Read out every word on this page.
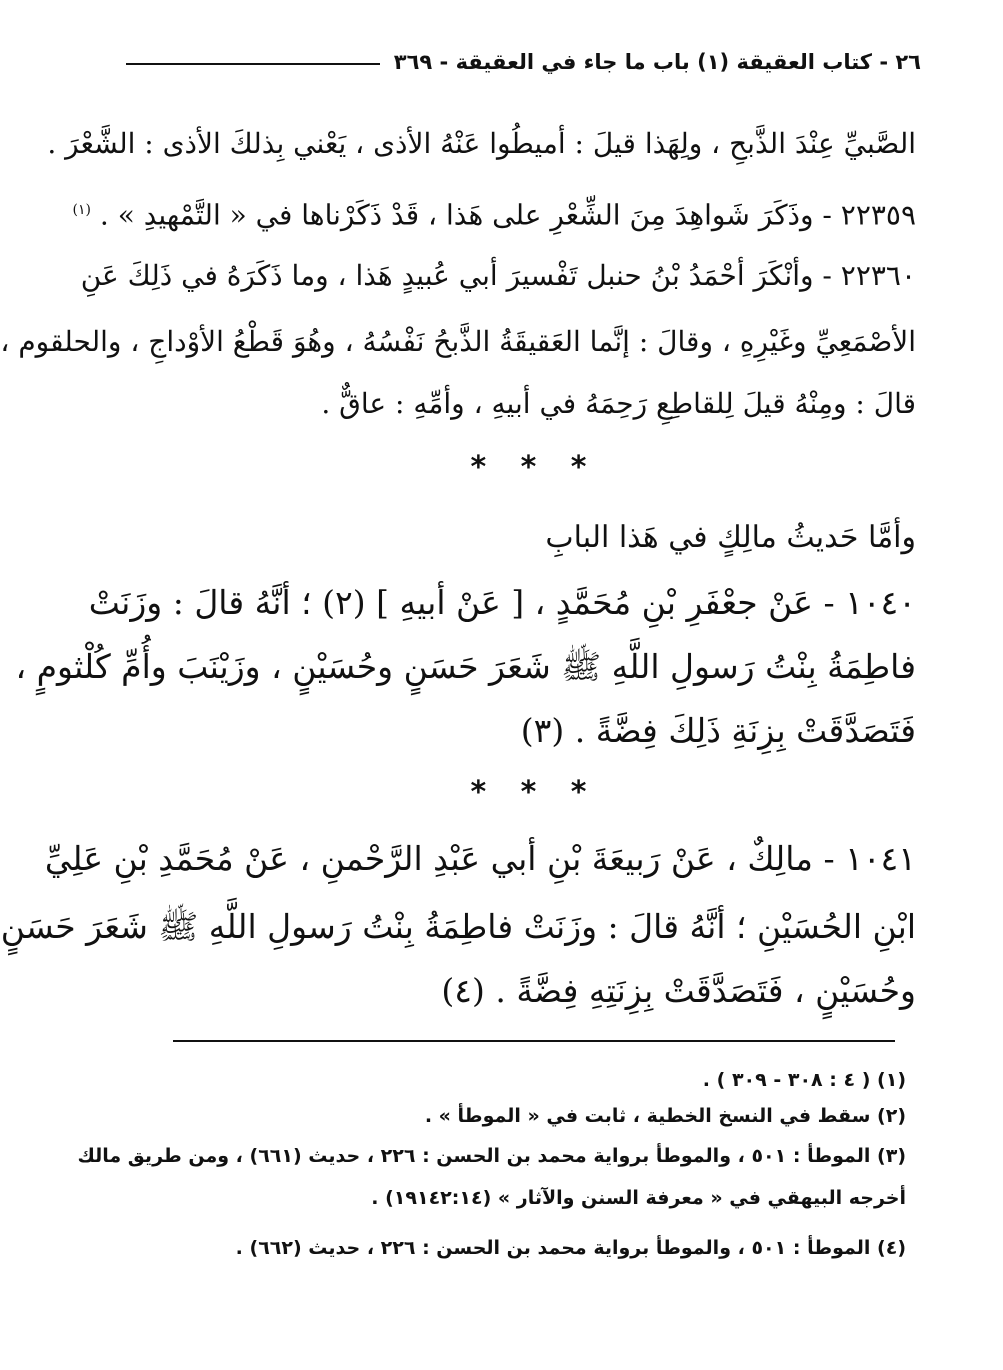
٢٦ - كتاب العقيقة (١) باب ما جاء في العقيقة - ٣٦٩
الصَّبيِّ عِنْدَ الذَّبحِ ، ولِهَذا قيلَ : أميطُوا عَنْهُ الأذى ، يَعْني بِذلكَ الأذى : الشَّعْرَ .
٢٢٣٥٩ - وذَكَرَ شَواهِدَ مِنَ الشِّعْرِ على هَذا ، قَدْ ذَكَرْناها في « التَّمْهيدِ » . $^{(١)}$
٢٢٣٦٠ - وأنْكَرَ أحْمَدُ بْنُ حنبل تَفْسيرَ أبي عُبيدٍ هَذا ، وما ذَكَرَهُ في ذَلِكَ عَنِ
الأصْمَعِيِّ وغَيْرِهِ ، وقالَ : إنَّما العَقيقَةُ الذَّبحُ نَفْسُهُ ، وهُوَ قَطْعُ الأوْداجِ ، والحلقوم ،
قالَ : ومِنْهُ قيلَ لِلقاطِعِ رَحِمَهُ في أبيهِ ، وأمِّهِ : عاقٌّ .
* * *
وأمَّا حَديثُ مالِكٍ في هَذا البابِ
١٠٤٠ - عَنْ جعْفَرِ بْنِ مُحَمَّدٍ ، [ عَنْ أبيهِ ] (٢) ؛ أنَّهُ قالَ : وزَنَتْ
فاطِمَةُ بِنْتُ رَسولِ اللَّهِ ﷺ شَعَرَ حَسَنٍ وحُسَيْنٍ ، وزَيْنَبَ وأُمِّ كُلْثومٍ ،
فَتَصَدَّقَتْ بِزِنَةِ ذَلِكَ فِضَّةً . (٣)
* * *
١٠٤١ - مالِكٌ ، عَنْ رَبيعَةَ بْنِ أبي عَبْدِ الرَّحْمنِ ، عَنْ مُحَمَّدِ بْنِ عَلِيِّ
ابْنِ الحُسَيْنِ ؛ أنَّهُ قالَ : وزَنَتْ فاطِمَةُ بِنْتُ رَسولِ اللَّهِ ﷺ شَعَرَ حَسَنٍ
وحُسَيْنٍ ، فَتَصَدَّقَتْ بِزِنَتِهِ فِضَّةً . (٤)
(١) ( ٤ : ٣٠٨ - ٣٠٩ ) .
(٢) سقط في النسخ الخطية ، ثابت في « الموطأ » .
(٣) الموطأ : ٥٠١ ، والموطأ برواية محمد بن الحسن : ٢٢٦ ، حديث (٦٦١) ، ومن طريق مالك
أخرجه البيهقي في « معرفة السنن والآثار » (١٩١٤٢:١٤) .
(٤) الموطأ : ٥٠١ ، والموطأ برواية محمد بن الحسن : ٢٢٦ ، حديث (٦٦٢) .
